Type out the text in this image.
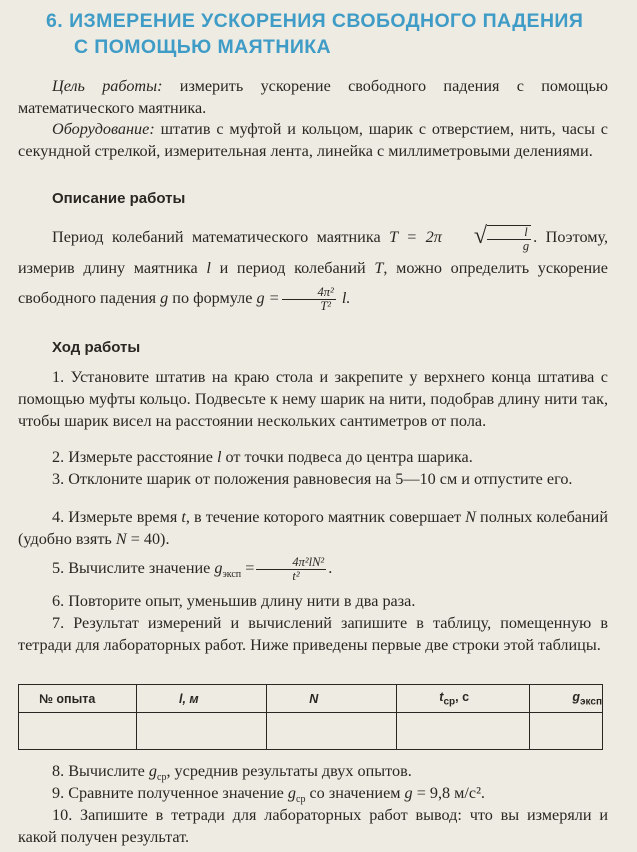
6. ИЗМЕРЕНИЕ УСКОРЕНИЯ СВОБОДНОГО ПАДЕНИЯ
С ПОМОЩЬЮ МАЯТНИКА
Цель работы: измерить ускорение свободного падения с помощью математического маятника.
Оборудование: штатив с муфтой и кольцом, шарик с отверстием, нить, часы с секундной стрелкой, измерительная лента, линейка с миллиметровыми делениями.
Описание работы
Период колебаний математического маятника T = 2π	√ $\frac{l}{g}$ . Поэтому, измерив длину маятника l и период колебаний T, можно определить ускорение свободного падения g по формуле $g = \frac{\text{4π²}}{\text{T²}} l$.
Ход работы
1. Установите штатив на краю стола и закрепите у верхнего конца штатива с помощью муфты кольцо. Подвесьте к нему шарик на нити, подобрав длину нити так, чтобы шарик висел на расстоянии нескольких сантиметров от пола.
2. Измерьте расстояние l от точки подвеса до центра шарика.
3. Отклоните шарик от положения равновесия на 5—10 см и отпустите его.
4. Измерьте время t, в течение которого маятник совершает N полных колебаний (удобно взять N = 40).
5. Вычислите значение $g_{эксп} = \frac{\text{4π²lN²}}{\text{t²}}$ .
6. Повторите опыт, уменьшив длину нити в два раза.
7. Результат измерений и вычислений запишите в таблицу, помещенную в тетради для лабораторных работ. Ниже приведены первые две строки этой таблицы.
№ опыта	l, м	N	$t_{ср}$, с	$g_{эксп}$

8. Вычислите $g_{ср}$, усреднив результаты двух опытов.
9. Сравните полученное значение $g_{ср}$ со значением g = 9,8 м/с².
10. Запишите в тетради для лабораторных работ вывод: что вы измеряли и какой получен результат.
